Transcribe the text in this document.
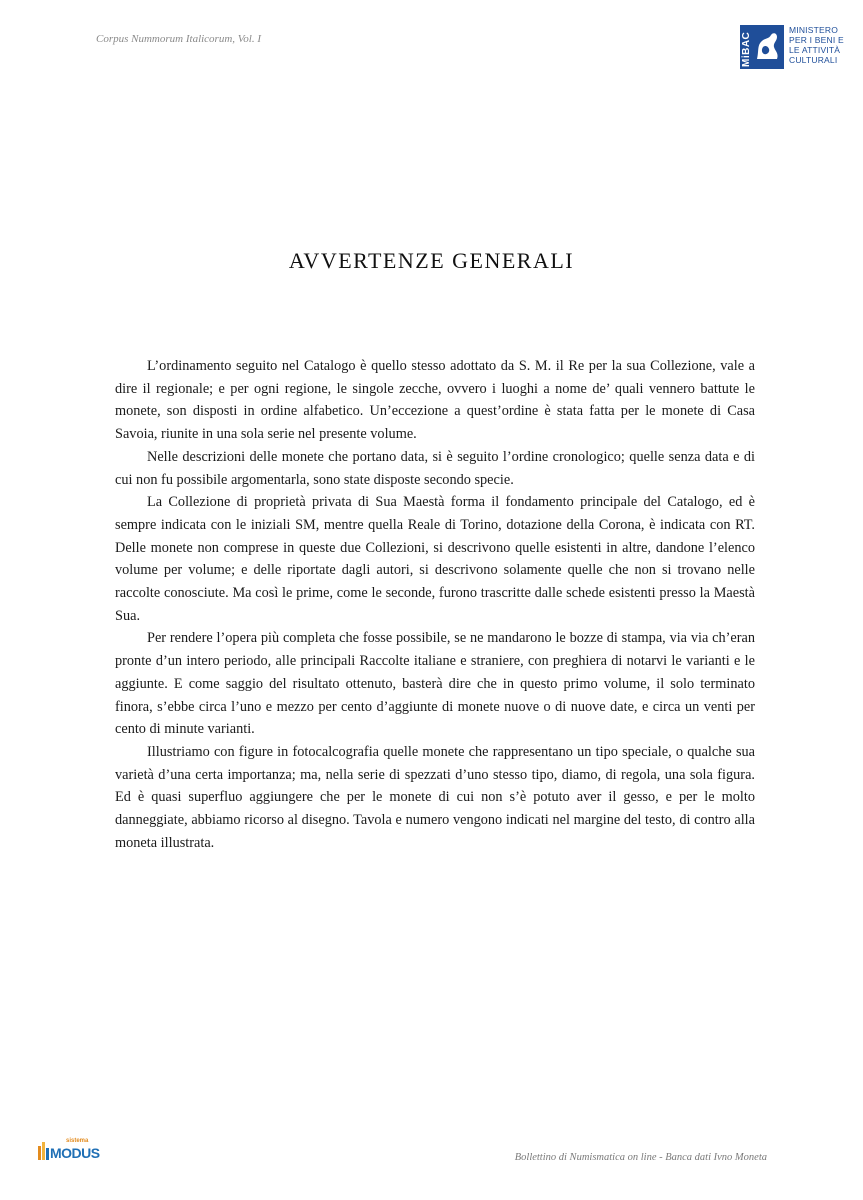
Corpus Nummorum Italicorum, Vol. I	MiBAC
MINISTERO
PER I BENI E
LE ATTIVITÀ
CULTURALI
AVVERTENZE GENERALI

L’ordinamento seguito nel Catalogo è quello stesso adottato da S. M. il Re per la sua Collezione, vale a dire il regionale; e per ogni regione, le singole zecche, ovvero i luoghi a nome de’ quali vennero battute le monete, son disposti in ordine alfabetico. Un’eccezione a quest’ordine è stata fatta per le monete di Casa Savoia, riunite in una sola serie nel presente volume.

Nelle descrizioni delle monete che portano data, si è seguito l’ordine cronologico; quelle senza data e di cui non fu possibile argomentarla, sono state disposte secondo specie.

La Collezione di proprietà privata di Sua Maestà forma il fondamento principale del Catalogo, ed è sempre indicata con le iniziali SM, mentre quella Reale di Torino, dotazione della Corona, è indicata con RT. Delle monete non comprese in queste due Collezioni, si descrivono quelle esistenti in altre, dandone l’elenco volume per volume; e delle riportate dagli autori, si descrivono solamente quelle che non si trovano nelle raccolte conosciute. Ma così le prime, come le seconde, furono trascritte dalle schede esistenti presso la Maestà Sua.

Per rendere l’opera più completa che fosse possibile, se ne mandarono le bozze di stampa, via via ch’eran pronte d’un intero periodo, alle principali Raccolte italiane e straniere, con preghiera di notarvi le varianti e le aggiunte. E come saggio del risultato ottenuto, basterà dire che in questo primo volume, il solo terminato finora, s’ebbe circa l’uno e mezzo per cento d’aggiunte di monete nuove o di nuove date, e circa un venti per cento di minute varianti.

Illustriamo con figure in fotocalcografia quelle monete che rappresentano un tipo speciale, o qualche sua varietà d’una certa importanza; ma, nella serie di spezzati d’uno stesso tipo, diamo, di regola, una sola figura. Ed è quasi superfluo aggiungere che per le monete di cui non s’è potuto aver il gesso, e per le molto danneggiate, abbiamo ricorso al disegno. Tavola e numero vengono indicati nel margine del testo, di contro alla moneta illustrata.

sistema
MODUS	Bollettino di Numismatica on line - Banca dati Ivno Moneta
